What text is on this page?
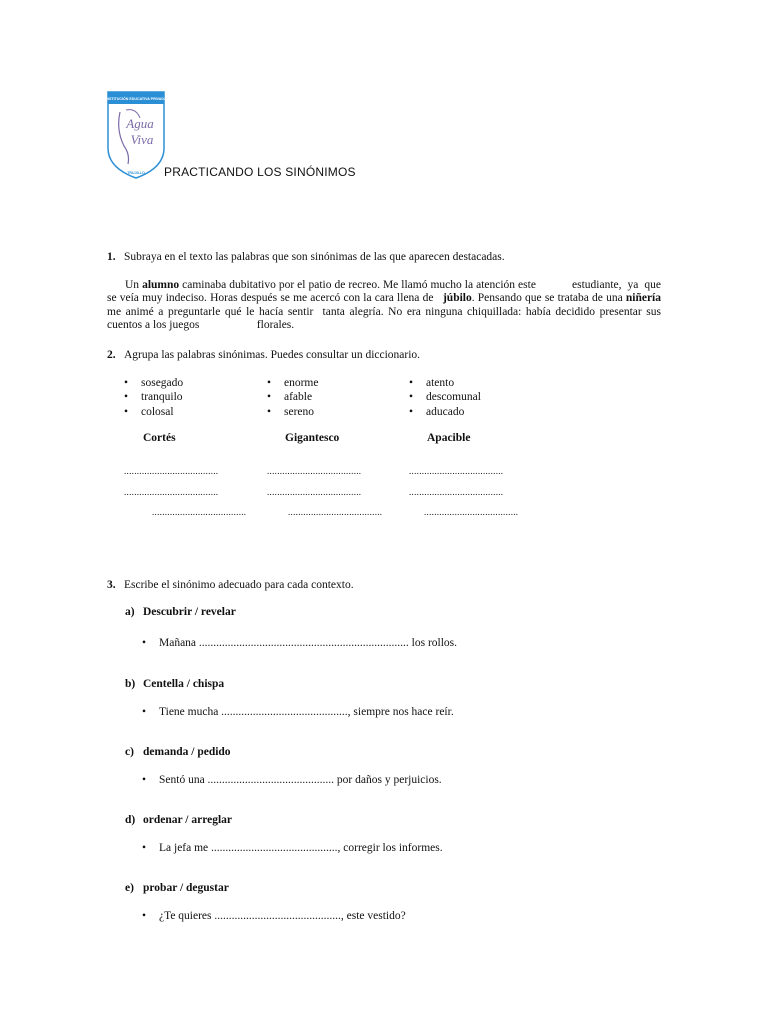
INSTITUCIÓN EDUCATIVA PRIVADA
Agua
Viva
TRUJILLO PRACTICANDO LOS SINÓNIMOS
1. Subraya en el texto las palabras que son sinónimas de las que aparecen destacadas.
Un alumno caminaba dubitativo por el patio de recreo. Me llamó mucho la atención este            estudiante,  ya  que  se veía muy indeciso. Horas después se me acercó con la cara llena de   júbilo. Pensando que se trataba de una niñería me animé a preguntarle qué le hacía sentir  tanta alegría. No era ninguna chiquillada: había decidido presentar sus cuentos a los juegos                    florales.
2. Agrupa las palabras sinónimas. Puedes consultar un diccionario.
• sosegado
• tranquilo
• colosal
• enorme
• afable
• sereno
• atento
• descomunal
• aducado
Cortés	Gigantesco	Apacible
.....................................	.....................................	.....................................
.....................................	.....................................	.....................................
.....................................	.....................................	.....................................
3. Escribe el sinónimo adecuado para cada contexto.
a) Descubrir / revelar
• Mañana ......................................................................... los rollos.
b) Centella / chispa
• Tiene mucha ............................................, siempre nos hace reír.
c) demanda / pedido
• Sentó una ............................................ por daños y perjuicios.
d) ordenar / arreglar
• La jefa me ............................................, corregir los informes.
e) probar / degustar
• ¿Te quieres ............................................, este vestido?
